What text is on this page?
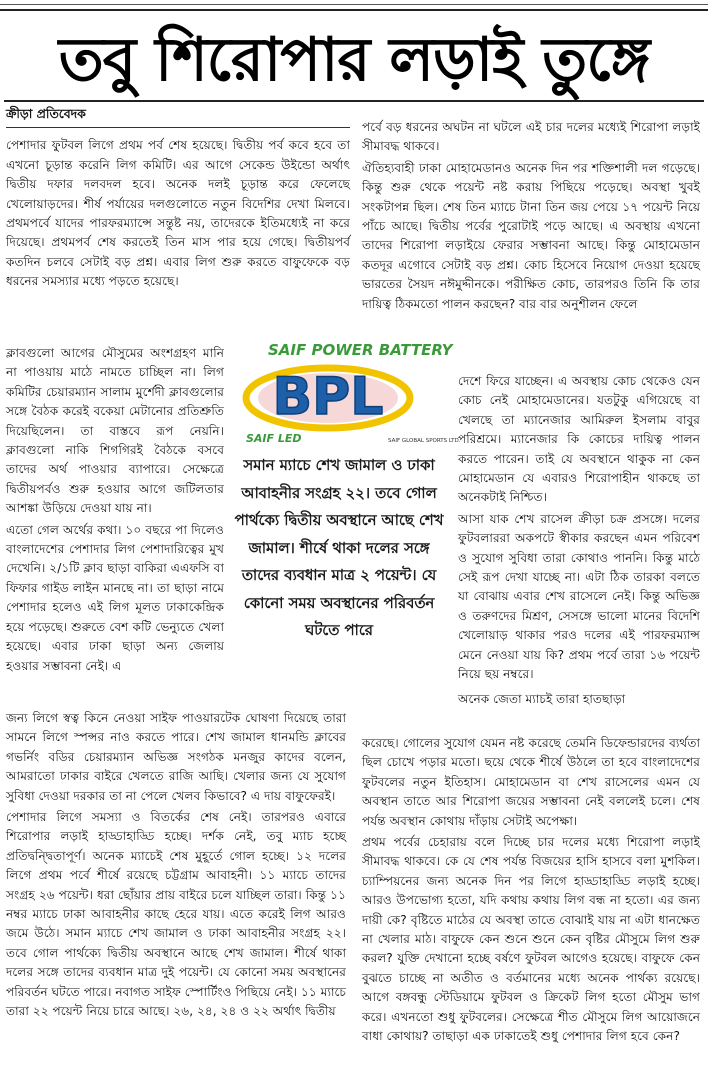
তবু শিরোপার লড়াই তুঙ্গে

ক্রীড়া প্রতিবেদক

পেশাদার ফুটবল লিগে প্রথম পর্ব শেষ হয়েছে। দ্বিতীয় পর্ব কবে হবে তা এখনো চূড়ান্ত করেনি লিগ কমিটি। এর আগে সেকেন্ড উইন্ডো অর্থাৎ দ্বিতীয় দফার দলবদল হবে। অনেক দলই চূড়ান্ত করে ফেলেছে খেলোয়াড়দের। শীর্ষ পর্যায়ের দলগুলোতে নতুন বিদেশির দেখা মিলবে। প্রথমপর্বে যাদের পারফরম্যান্সে সন্তুষ্ট নয়, তাদেরকে ইতিমধ্যেই না করে দিয়েছে। প্রথমপর্ব শেষ করতেই তিন মাস পার হয়ে গেছে। দ্বিতীয়পর্ব কতদিন চলবে সেটাই বড় প্রশ্ন। এবার লিগ শুরু করতে বাফুফেকে বড় ধরনের সমস্যার মধ্যে পড়তে হয়েছে।

ক্লাবগুলো আগের মৌসুমের অংশগ্রহণ মানি না পাওয়ায় মাঠে নামতে চাচ্ছিল না। লিগ কমিটির চেয়ারম্যান সালাম মুর্শেদী ক্লাবগুলোর সঙ্গে বৈঠক করেই বকেয়া মেটানোর প্রতিশ্রুতি দিয়েছিলেন। তা বাস্তবে রূপ নেয়নি। ক্লাবগুলো নাকি শিগগিরই বৈঠকে বসবে তাদের অর্থ পাওয়ার ব্যাপারে। সেক্ষেত্রে দ্বিতীয়পর্বও শুরু হওয়ার আগে জটিলতার আশঙ্কা উড়িয়ে দেওয়া যায় না।

এতো গেল অর্থের কথা। ১০ বছরে পা দিলেও বাংলাদেশের পেশাদার লিগ পেশাদারিত্বের মুখ দেখেনি। ২/১টি ক্লাব ছাড়া বাকিরা এএফসি বা ফিফার গাইড লাইন মানছে না। তা ছাড়া নামে পেশাদার হলেও এই লিগ মূলত ঢাকাকেন্দ্রিক হয়ে পড়েছে। শুরুতে বেশ কটি ভেন্যুতে খেলা হয়েছে। এবার ঢাকা ছাড়া অন্য জেলায় হওয়ার সম্ভাবনা নেই। এ

জন্য লিগে স্বত্ব কিনে নেওয়া সাইফ পাওয়ারটেক ঘোষণা দিয়েছে তারা সামনে লিগে স্পন্সর নাও করতে পারে। শেখ জামাল ধানমন্ডি ক্লাবের গভর্নিং বডির চেয়ারম্যান অভিজ্ঞ সংগঠক মনজুর কাদের বলেন, আমরাতো ঢাকার বাইরে খেলতে রাজি আছি। খেলার জন্য যে সুযোগ সুবিধা দেওয়া দরকার তা না পেলে খেলব কিভাবে? এ দায় বাফুফেরই।

পেশাদার লিগে সমস্যা ও বিতর্কের শেষ নেই। তারপরও এবারে শিরোপার লড়াই হাড্ডাহাড্ডি হচ্ছে। দর্শক নেই, তবু ম্যাচ হচ্ছে প্রতিদ্বন্দ্বিতাপূর্ণ। অনেক ম্যাচেই শেষ মুহূর্তে গোল হচ্ছে। ১২ দলের লিগে প্রথম পর্বে শীর্ষে রয়েছে চট্টগ্রাম আবাহনী। ১১ ম্যাচে তাদের সংগ্রহ ২৬ পয়েন্ট। ধরা ছোঁয়ার প্রায় বাইরে চলে যাচ্ছিল তারা। কিন্তু ১১ নম্বর ম্যাচে ঢাকা আবাহনীর কাছে হেরে যায়। এতে করেই লিগ আরও জমে উঠে। সমান ম্যাচে শেখ জামাল ও ঢাকা আবাহনীর সংগ্রহ ২২। তবে গোল পার্থক্যে দ্বিতীয় অবস্থানে আছে শেখ জামাল। শীর্ষে থাকা দলের সঙ্গে তাদের ব্যবধান মাত্র দুই পয়েন্ট। যে কোনো সময় অবস্থানের পরিবর্তন ঘটতে পারে। নবাগত সাইফ স্পোর্টিংও পিছিয়ে নেই। ১১ ম্যাচে তারা ২২ পয়েন্ট নিয়ে চারে আছে। ২৬, ২৪, ২৪ ও ২২ অর্থাৎ দ্বিতীয়

SAIF POWER BATTERY
BPL
SAIF LED	SAIF GLOBAL SPORTS LTD.
সমান ম্যাচে শেখ জামাল ও ঢাকা আবাহনীর সংগ্রহ ২২। তবে গোল পার্থক্যে দ্বিতীয় অবস্থানে আছে শেখ জামাল। শীর্ষে থাকা দলের সঙ্গে তাদের ব্যবধান মাত্র ২ পয়েন্ট। যে কোনো সময় অবস্থানের পরিবর্তন ঘটতে পারে

পর্বে বড় ধরনের অঘটন না ঘটলে এই চার দলের মধ্যেই শিরোপা লড়াই সীমাবদ্ধ থাকবে।

ঐতিহ্যবাহী ঢাকা মোহামেডানও অনেক দিন পর শক্তিশালী দল গড়েছে। কিন্তু শুরু থেকে পয়েন্ট নষ্ট করায় পিছিয়ে পড়েছে। অবস্থা খুবই সংকটাপন্ন ছিল। শেষ তিন ম্যাচে টানা তিন জয় পেয়ে ১৭ পয়েন্ট নিয়ে পাঁচে আছে। দ্বিতীয় পর্বের পুরোটাই পড়ে আছে। এ অবস্থায় এখনো তাদের শিরোপা লড়াইয়ে ফেরার সম্ভাবনা আছে। কিন্তু মোহামেডান কতদূর এগোবে সেটাই বড় প্রশ্ন। কোচ হিসেবে নিয়োগ দেওয়া হয়েছে ভারতের সৈয়দ নঈমুদ্দীনকে। পরীক্ষিত কোচ, তারপরও তিনি কি তার দায়িত্ব ঠিকমতো পালন করছেন? বার বার অনুশীলন ফেলে

দেশে ফিরে যাচ্ছেন। এ অবস্থায় কোচ থেকেও যেন কোচ নেই মোহামেডানের। যতটুকু এগিয়েছে বা খেলছে তা ম্যানেজার আমিরুল ইসলাম বাবুর পরিশ্রমে। ম্যানেজার কি কোচের দায়িত্ব পালন করতে পারেন। তাই যে অবস্থানে থাকুক না কেন মোহামেডান যে এবারও শিরোপাহীন থাকছে তা অনেকটাই নিশ্চিত।

আসা যাক শেখ রাসেল ক্রীড়া চক্র প্রসঙ্গে। দলের ফুটবলাররা অকপটে স্বীকার করছেন এমন পরিবেশ ও সুযোগ সুবিধা তারা কোথাও পাননি। কিন্তু মাঠে সেই রূপ দেখা যাচ্ছে না। এটা ঠিক তারকা বলতে যা বোঝায় এবার শেখ রাসেলে নেই। কিন্তু অভিজ্ঞ ও তরুণদের মিশ্রণ, সেসঙ্গে ভালো মানের বিদেশি খেলোয়াড় থাকার পরও দলের এই পারফরম্যান্স মেনে নেওয়া যায় কি? প্রথম পর্বে তারা ১৬ পয়েন্ট নিয়ে ছয় নম্বরে।

অনেক জেতা ম্যাচই তারা হাতছাড়া

করেছে। গোলের সুযোগ যেমন নষ্ট করেছে তেমনি ডিফেন্ডারদের ব্যর্থতা ছিল চোখে পড়ার মতো। ছয়ে থেকে শীর্ষে উঠলে তা হবে বাংলাদেশের ফুটবলের নতুন ইতিহাস। মোহামেডান বা শেখ রাসেলের এমন যে অবস্থান তাতে আর শিরোপা জয়ের সম্ভাবনা নেই বললেই চলে। শেষ পর্যন্ত অবস্থান কোথায় দাঁড়ায় সেটাই অপেক্ষা।

প্রথম পর্বের চেহারায় বলে দিচ্ছে চার দলের মধ্যে শিরোপা লড়াই সীমাবদ্ধ থাকবে। কে যে শেষ পর্যন্ত বিজয়ের হাসি হাসবে বলা মুশকিল। চ্যাম্পিয়নের জন্য অনেক দিন পর লিগে হাড্ডাহাড্ডি লড়াই হচ্ছে। আরও উপভোগ্য হতো, যদি কথায় কথায় লিগ বন্ধ না হতো। এর জন্য দায়ী কে? বৃষ্টিতে মাঠের যে অবস্থা তাতে বোঝাই যায় না এটা ধানক্ষেত না খেলার মাঠ। বাফুফে কেন শুনে শুনে কেন বৃষ্টির মৌসুমে লিগ শুরু করল? যুক্তি দেখানো হচ্ছে বর্ষণে ফুটবল আগেও হয়েছে। বাফুফে কেন বুঝতে চাচ্ছে না অতীত ও বর্তমানের মধ্যে অনেক পার্থক্য রয়েছে। আগে বঙ্গবন্ধু স্টেডিয়ামে ফুটবল ও ক্রিকেট লিগ হতো মৌসুম ভাগ করে। এখনতো শুধু ফুটবলের। সেক্ষেত্রে শীত মৌসুমে লিগ আয়োজনে বাধা কোথায়? তাছাড়া এক ঢাকাতেই শুধু পেশাদার লিগ হবে কেন?
